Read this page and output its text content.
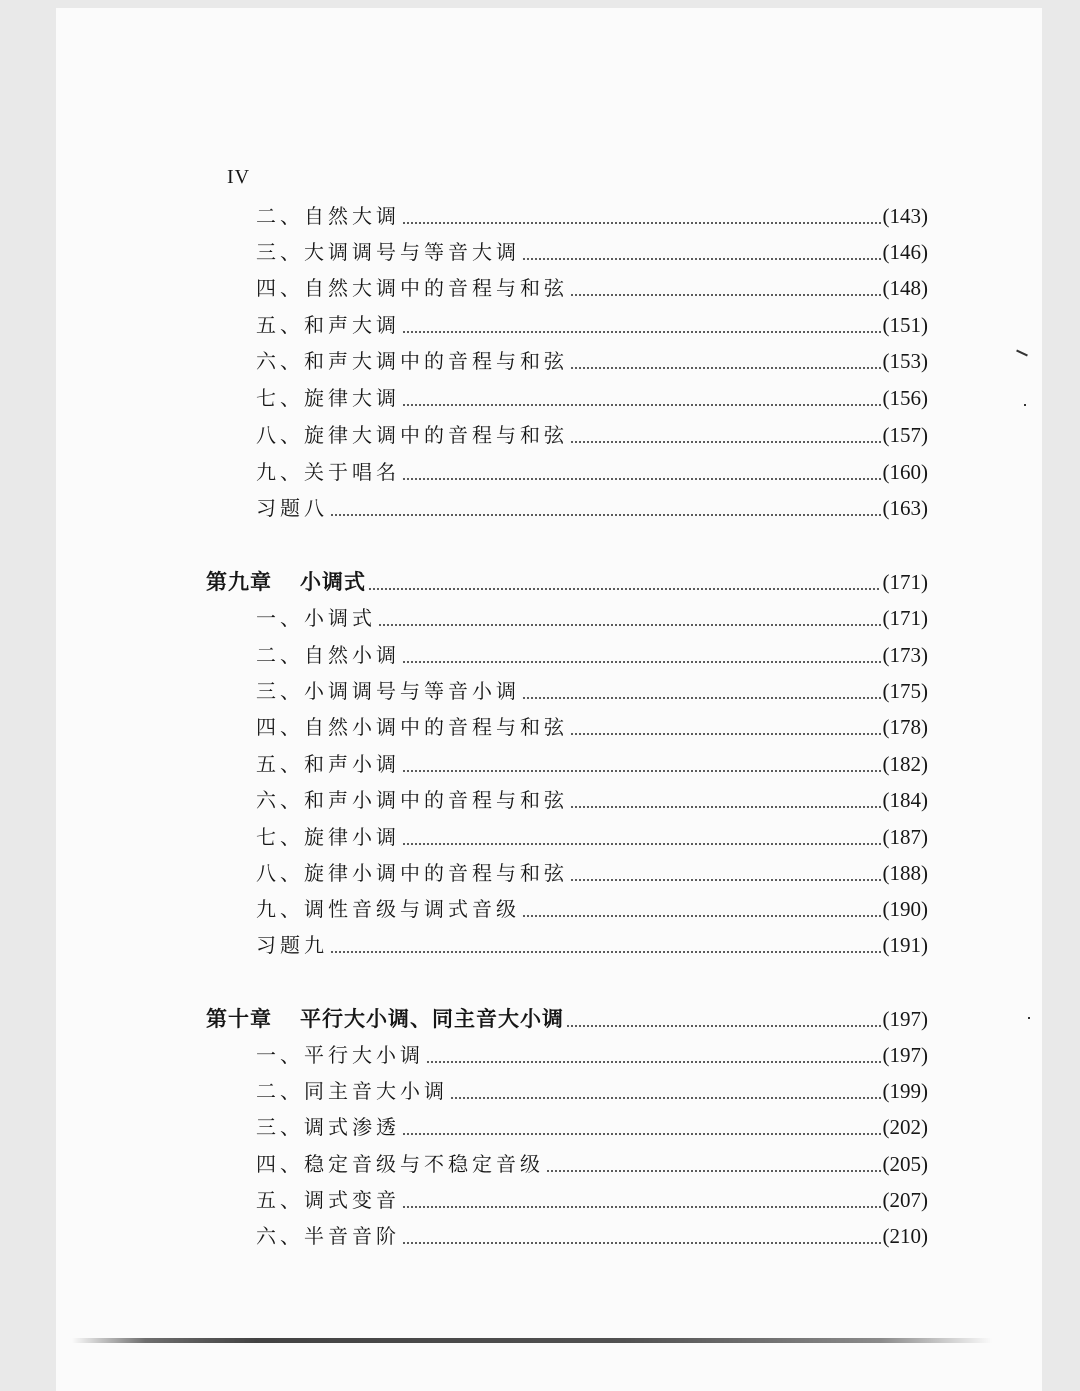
IV
二、自然大调	(143)
三、大调调号与等音大调	(146)
四、自然大调中的音程与和弦	(148)
五、和声大调	(151)
六、和声大调中的音程与和弦	(153)
七、旋律大调	(156)
八、旋律大调中的音程与和弦	(157)
九、关于唱名	(160)
习题八	(163)
第九章 小调式	(171)
一、小调式	(171)
二、自然小调	(173)
三、小调调号与等音小调	(175)
四、自然小调中的音程与和弦	(178)
五、和声小调	(182)
六、和声小调中的音程与和弦	(184)
七、旋律小调	(187)
八、旋律小调中的音程与和弦	(188)
九、调性音级与调式音级	(190)
习题九	(191)
第十章 平行大小调、同主音大小调	(197)
一、平行大小调	(197)
二、同主音大小调	(199)
三、调式渗透	(202)
四、稳定音级与不稳定音级	(205)
五、调式变音	(207)
六、半音音阶	(210)
